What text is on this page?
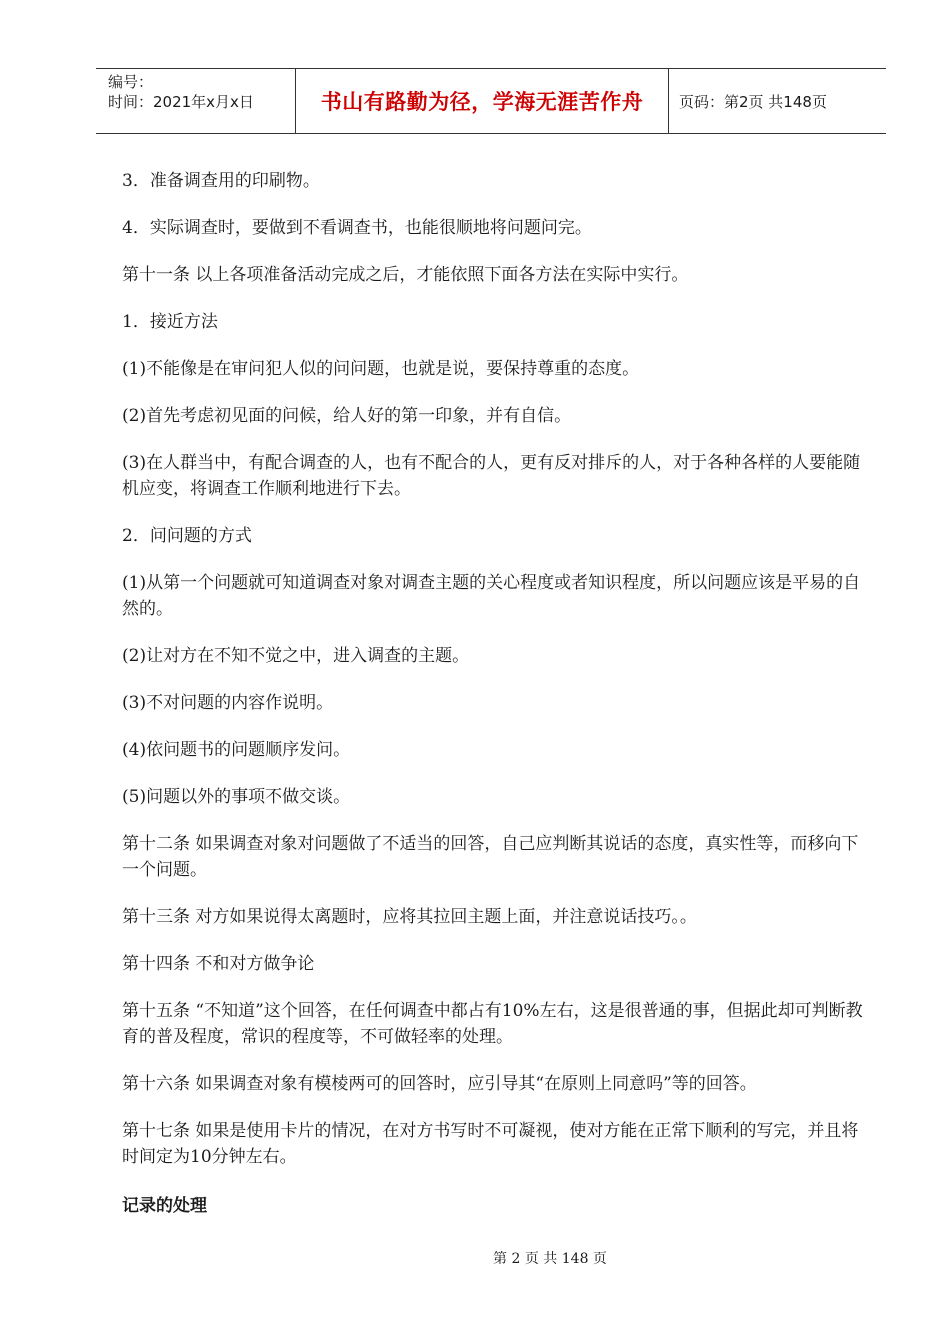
编号：
时间：2021年x月x日	书山有路勤为径，学海无涯苦作舟	页码：第2页 共148页

3．准备调查用的印刷物。

4．实际调查时，要做到不看调查书，也能很顺地将问题问完。

第十一条 以上各项准备活动完成之后，才能依照下面各方法在实际中实行。

1．接近方法

(1)不能像是在审问犯人似的问问题，也就是说，要保持尊重的态度。

(2)首先考虑初见面的问候，给人好的第一印象，并有自信。

(3)在人群当中，有配合调查的人，也有不配合的人，更有反对排斥的人，对于各种各样的人要能随机应变，将调查工作顺利地进行下去。

2．问问题的方式

(1)从第一个问题就可知道调查对象对调查主题的关心程度或者知识程度，所以问题应该是平易的自然的。

(2)让对方在不知不觉之中，进入调查的主题。

(3)不对问题的内容作说明。

(4)依问题书的问题顺序发问。

(5)问题以外的事项不做交谈。

第十二条 如果调查对象对问题做了不适当的回答，自己应判断其说话的态度，真实性等，而移向下一个问题。

第十三条 对方如果说得太离题时，应将其拉回主题上面，并注意说话技巧。。

第十四条 不和对方做争论

第十五条 “不知道”这个回答，在任何调查中都占有10%左右，这是很普通的事，但据此却可判断教育的普及程度，常识的程度等，不可做轻率的处理。

第十六条 如果调查对象有模棱两可的回答时，应引导其“在原则上同意吗”等的回答。

第十七条 如果是使用卡片的情况，在对方书写时不可凝视，使对方能在正常下顺利的写完，并且将时间定为10分钟左右。

记录的处理

第 2 页 共 148 页
